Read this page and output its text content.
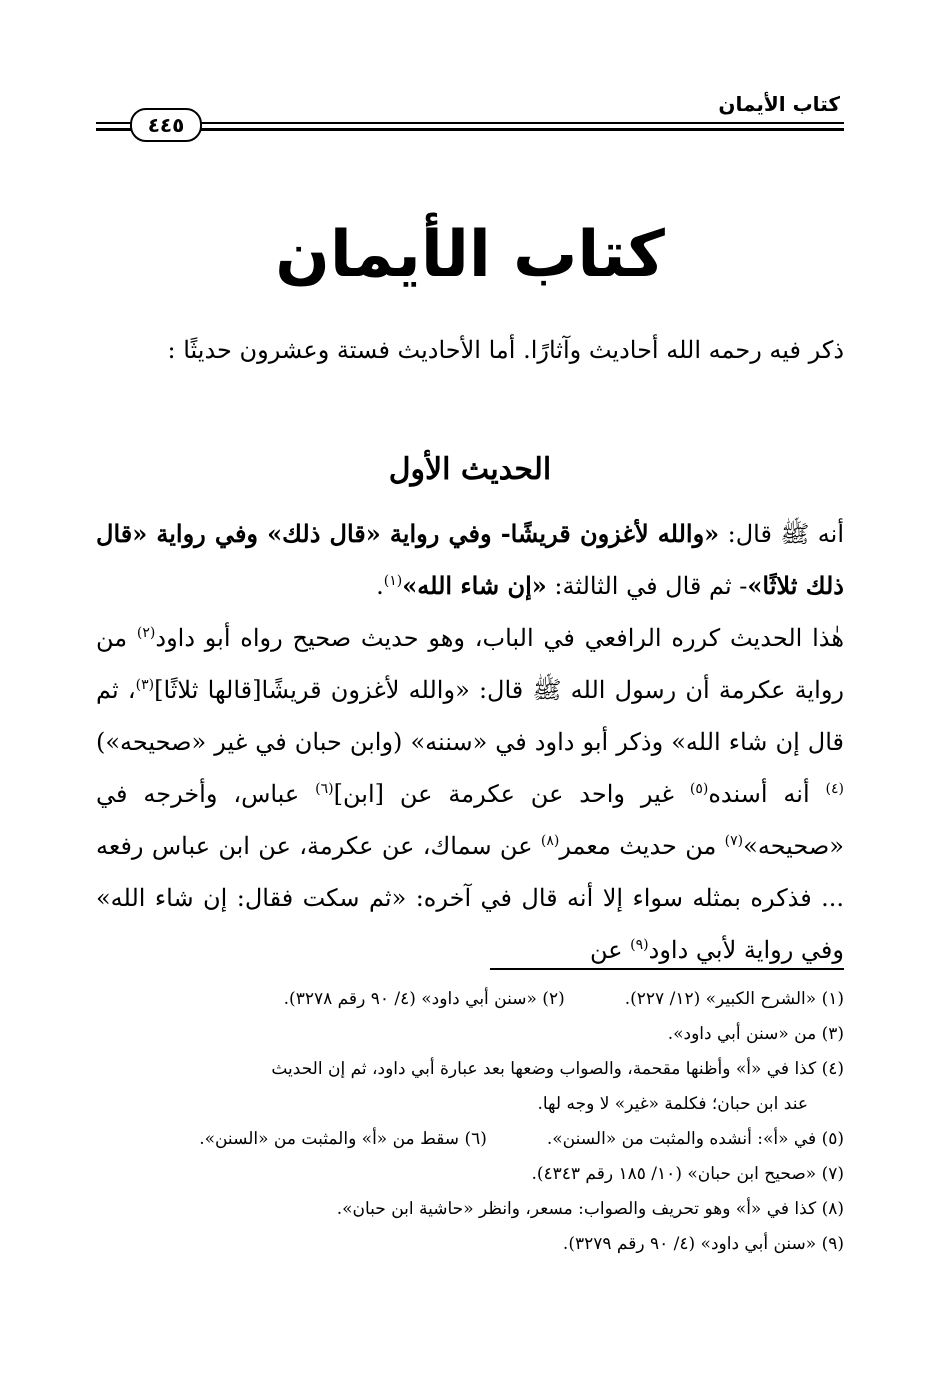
كتاب الأيمان
٤٤٥
كتاب الأيمان
ذكر فيه رحمه الله أحاديث وآثارًا. أما الأحاديث فستة وعشرون حديثًا :
الحديث الأول
أنه ﷺ قال: «والله لأغزون قريشًا- وفي رواية «قال ذلك» وفي رواية «قال ذلك ثلاثًا»- ثم قال في الثالثة: «إن شاء الله»$^{(١)}$.
هٰذا الحديث كرره الرافعي في الباب، وهو حديث صحيح رواه أبو داود$^{(٢)}$ من رواية عكرمة أن رسول الله ﷺ قال: «والله لأغزون قريشًا[قالها ثلاثًا]$^{(٣)}$، ثم قال إن شاء الله» وذكر أبو داود في «سننه» (وابن حبان في غير «صحيحه»)$^{(٤)}$ أنه أسنده$^{(٥)}$ غير واحد عن عكرمة عن [ابن]$^{(٦)}$ عباس، وأخرجه في «صحيحه»$^{(٧)}$ من حديث معمر$^{(٨)}$ عن سماك، عن عكرمة، عن ابن عباس رفعه ... فذكره بمثله سواء إلا أنه قال في آخره: «ثم سكت فقال: إن شاء الله» وفي رواية لأبي داود$^{(٩)}$ عن
(١) «الشرح الكبير» (١٢/ ٢٢٧).
(٢) «سنن أبي داود» (٤/ ٩٠ رقم ٣٢٧٨).
(٣) من «سنن أبي داود».
(٤) كذا في «أ» وأظنها مقحمة، والصواب وضعها بعد عبارة أبي داود، ثم إن الحديث
عند ابن حبان؛ فكلمة «غير» لا وجه لها.
(٥) في «أ»: أنشده والمثبت من «السنن».
(٦) سقط من «أ» والمثبت من «السنن».
(٧) «صحيح ابن حبان» (١٠/ ١٨٥ رقم ٤٣٤٣).
(٨) كذا في «أ» وهو تحريف والصواب: مسعر، وانظر «حاشية ابن حبان».
(٩) «سنن أبي داود» (٤/ ٩٠ رقم ٣٢٧٩).
